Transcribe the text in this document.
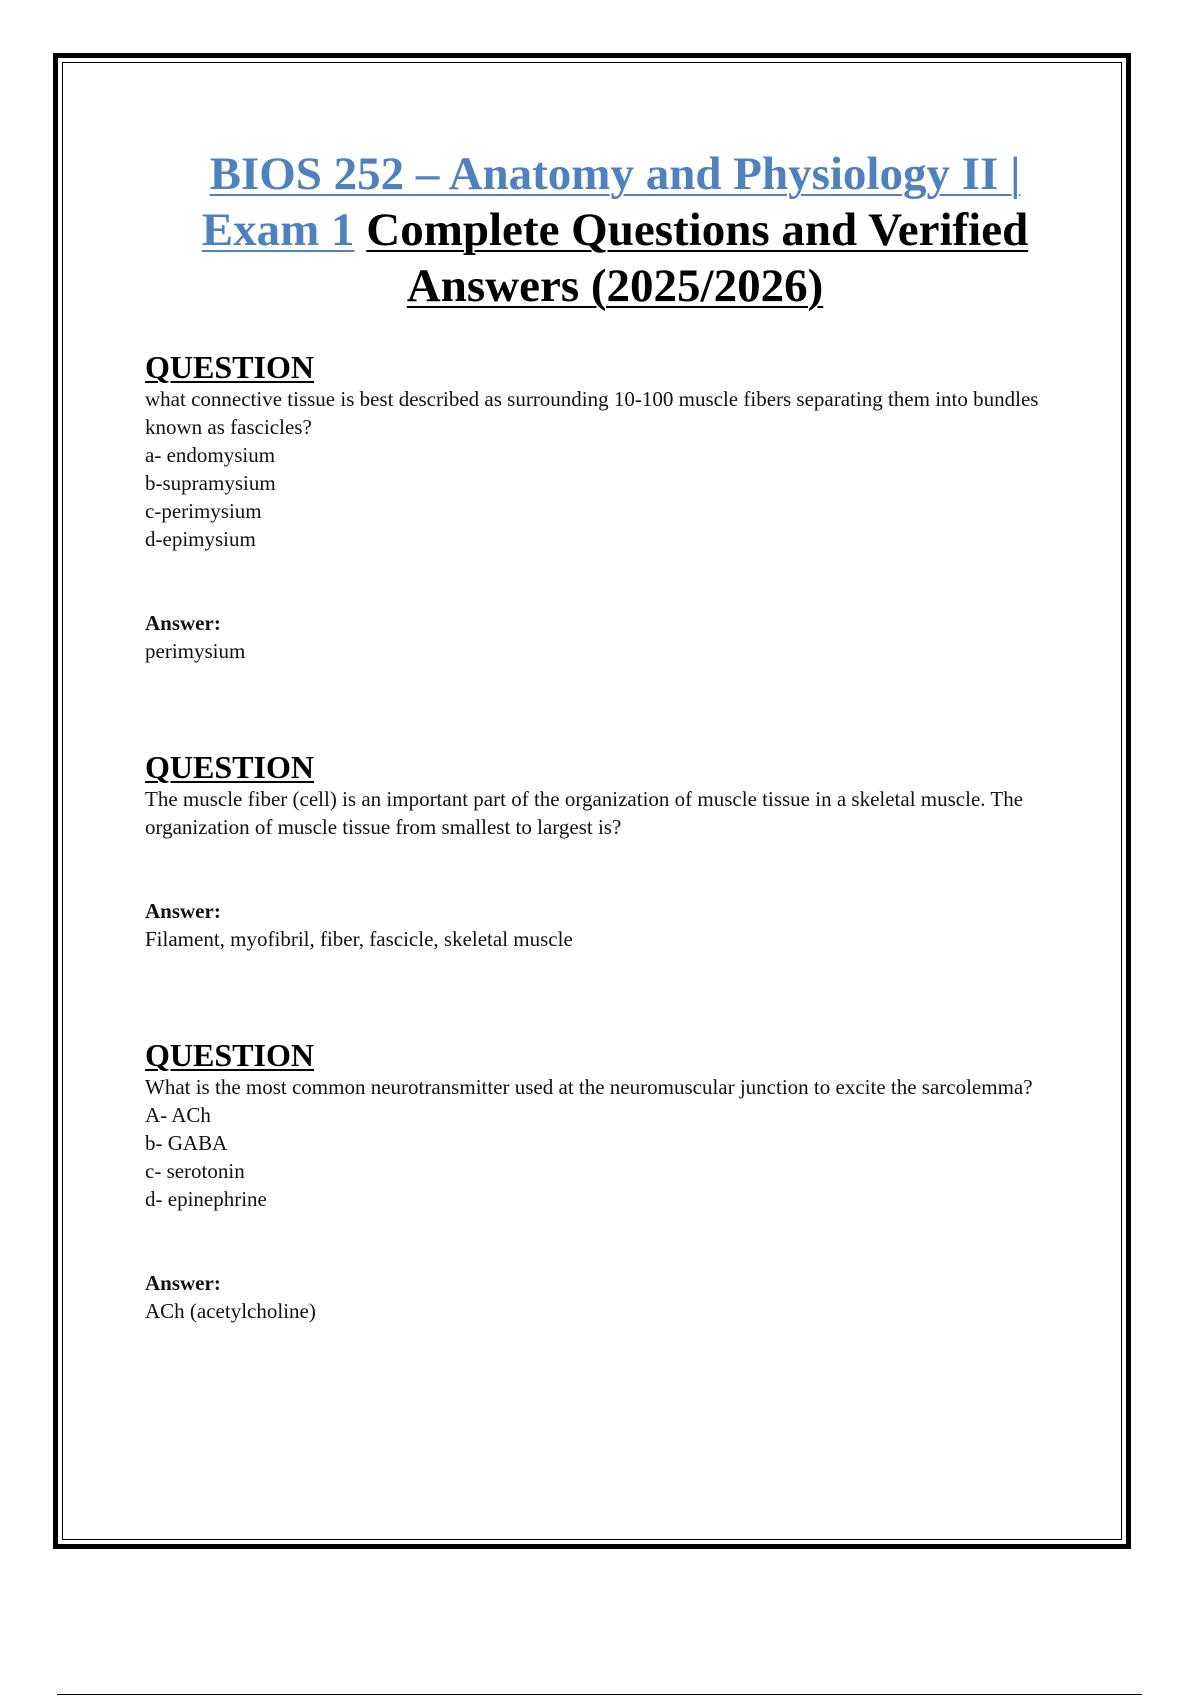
BIOS 252 – Anatomy and Physiology II |
Exam 1 Complete Questions and Verified
Answers (2025/2026)
QUESTION

what connective tissue is best described as surrounding 10-100 muscle fibers separating them into bundles known as fascicles?

a- endomysium

b-supramysium

c-perimysium

d-epimysium

Answer:

perimysium

QUESTION

The muscle fiber (cell) is an important part of the organization of muscle tissue in a skeletal muscle. The organization of muscle tissue from smallest to largest is?

Answer:

Filament, myofibril, fiber, fascicle, skeletal muscle

QUESTION

What is the most common neurotransmitter used at the neuromuscular junction to excite the sarcolemma?

A- ACh

b- GABA

c- serotonin

d- epinephrine

Answer:

ACh (acetylcholine)
